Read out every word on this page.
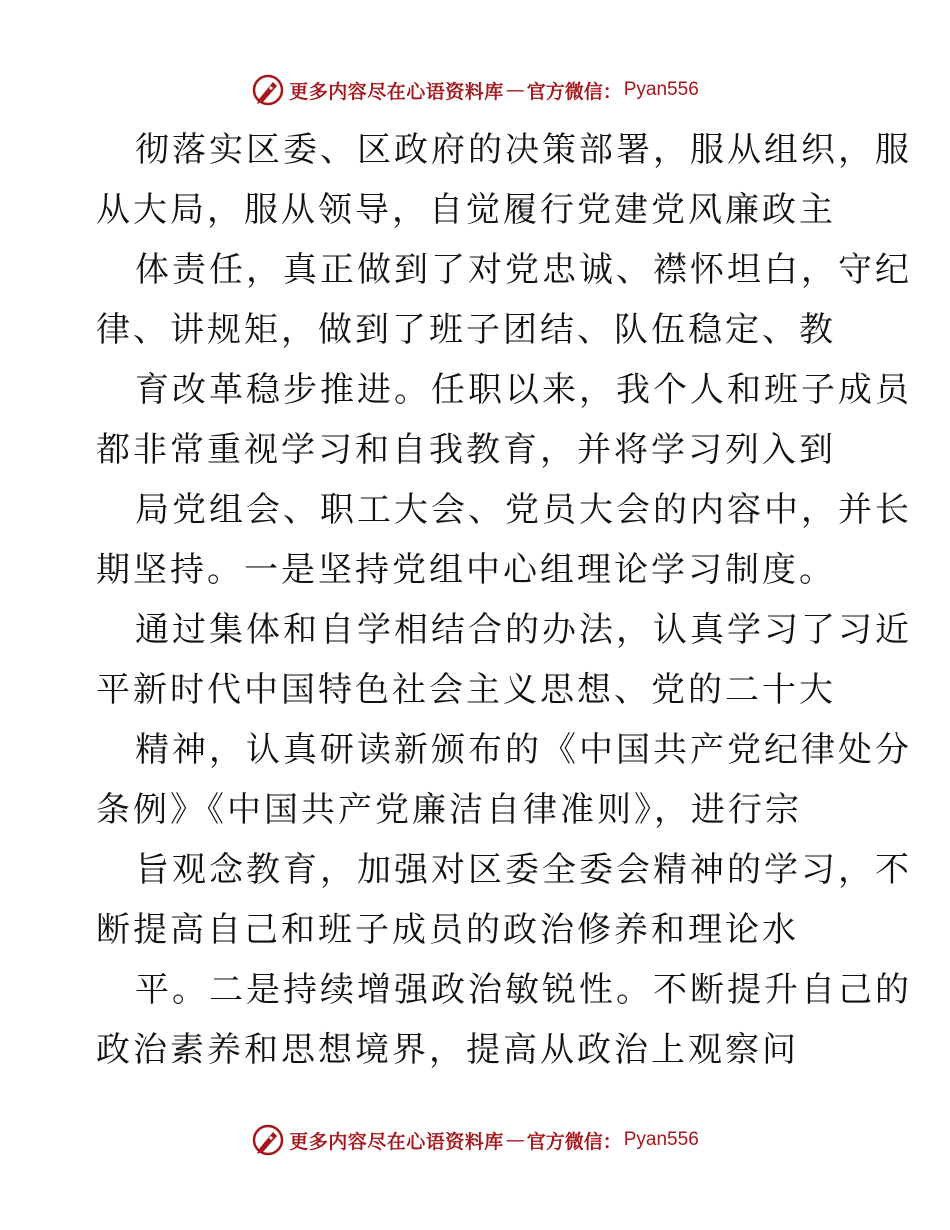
更多内容尽在心语资料库 — 官方微信： Pyan556
彻落实区委、区政府的决策部署，服从组织，服
从大局，服从领导，自觉履行党建党风廉政主
体责任，真正做到了对党忠诚、襟怀坦白，守纪
律、讲规矩，做到了班子团结、队伍稳定、教
育改革稳步推进。任职以来，我个人和班子成员
都非常重视学习和自我教育，并将学习列入到
局党组会、职工大会、党员大会的内容中，并长
期坚持。一是坚持党组中心组理论学习制度。
通过集体和自学相结合的办法，认真学习了习近
平新时代中国特色社会主义思想、党的二十大
精神，认真研读新颁布的《中国共产党纪律处分
条例》《中国共产党廉洁自律准则》，进行宗
旨观念教育，加强对区委全委会精神的学习，不
断提高自己和班子成员的政治修养和理论水
平。二是持续增强政治敏锐性。不断提升自己的
政治素养和思想境界，提高从政治上观察问
更多内容尽在心语资料库 — 官方微信： Pyan556
